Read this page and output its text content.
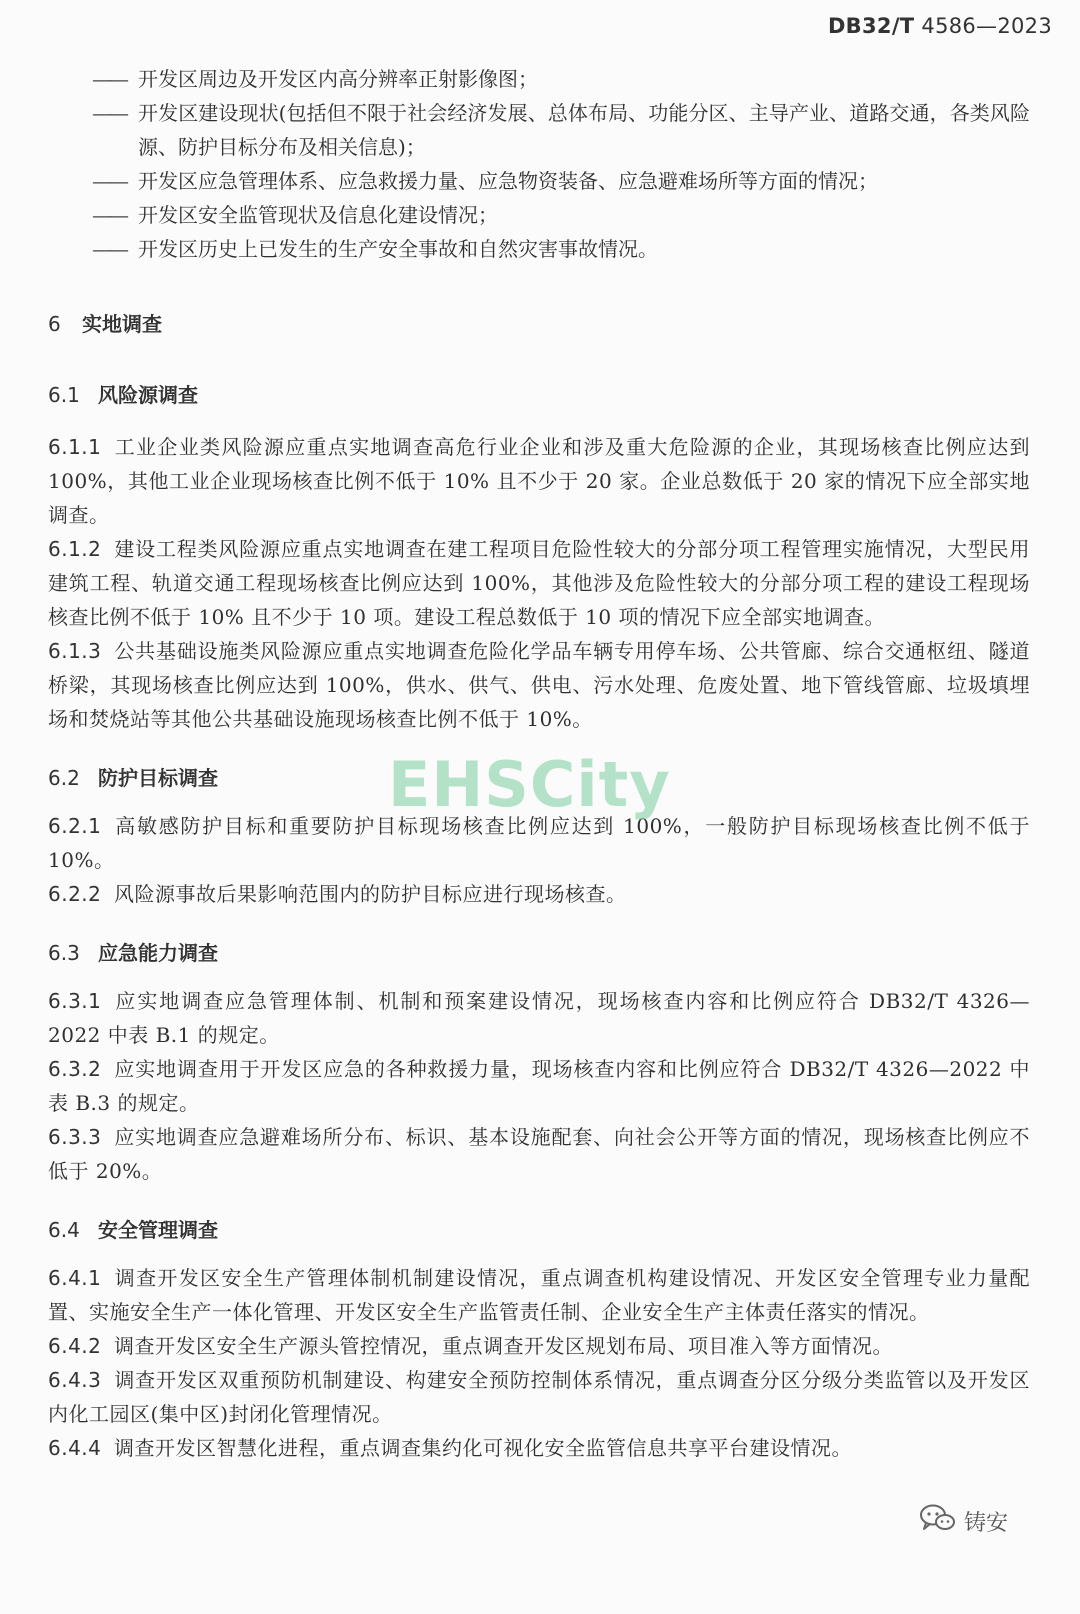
DB32/T 4586—2023
—— 开发区周边及开发区内高分辨率正射影像图；
—— 开发区建设现状(包括但不限于社会经济发展、总体布局、功能分区、主导产业、道路交通，各类风险源、防护目标分布及相关信息)；
—— 开发区应急管理体系、应急救援力量、应急物资装备、应急避难场所等方面的情况；
—— 开发区安全监管现状及信息化建设情况；
—— 开发区历史上已发生的生产安全事故和自然灾害事故情况。
6 实地调查
6.1 风险源调查
6.1.1 工业企业类风险源应重点实地调查高危行业企业和涉及重大危险源的企业，其现场核查比例应达到 100%，其他工业企业现场核查比例不低于 10% 且不少于 20 家。企业总数低于 20 家的情况下应全部实地调查。
6.1.2 建设工程类风险源应重点实地调查在建工程项目危险性较大的分部分项工程管理实施情况，大型民用建筑工程、轨道交通工程现场核查比例应达到 100%，其他涉及危险性较大的分部分项工程的建设工程现场核查比例不低于 10% 且不少于 10 项。建设工程总数低于 10 项的情况下应全部实地调查。
6.1.3 公共基础设施类风险源应重点实地调查危险化学品车辆专用停车场、公共管廊、综合交通枢纽、隧道桥梁，其现场核查比例应达到 100%，供水、供气、供电、污水处理、危废处置、地下管线管廊、垃圾填埋场和焚烧站等其他公共基础设施现场核查比例不低于 10%。
6.2 防护目标调查
6.2.1 高敏感防护目标和重要防护目标现场核查比例应达到 100%，一般防护目标现场核查比例不低于 10%。
6.2.2 风险源事故后果影响范围内的防护目标应进行现场核查。
6.3 应急能力调查
6.3.1 应实地调查应急管理体制、机制和预案建设情况，现场核查内容和比例应符合 DB32/T 4326—2022 中表 B.1 的规定。
6.3.2 应实地调查用于开发区应急的各种救援力量，现场核查内容和比例应符合 DB32/T 4326—2022 中表 B.3 的规定。
6.3.3 应实地调查应急避难场所分布、标识、基本设施配套、向社会公开等方面的情况，现场核查比例应不低于 20%。
6.4 安全管理调查
6.4.1 调查开发区安全生产管理体制机制建设情况，重点调查机构建设情况、开发区安全管理专业力量配置、实施安全生产一体化管理、开发区安全生产监管责任制、企业安全生产主体责任落实的情况。
6.4.2 调查开发区安全生产源头管控情况，重点调查开发区规划布局、项目准入等方面情况。
6.4.3 调查开发区双重预防机制建设、构建安全预防控制体系情况，重点调查分区分级分类监管以及开发区内化工园区(集中区)封闭化管理情况。
6.4.4 调查开发区智慧化进程，重点调查集约化可视化安全监管信息共享平台建设情况。
EHSCity
铸安
